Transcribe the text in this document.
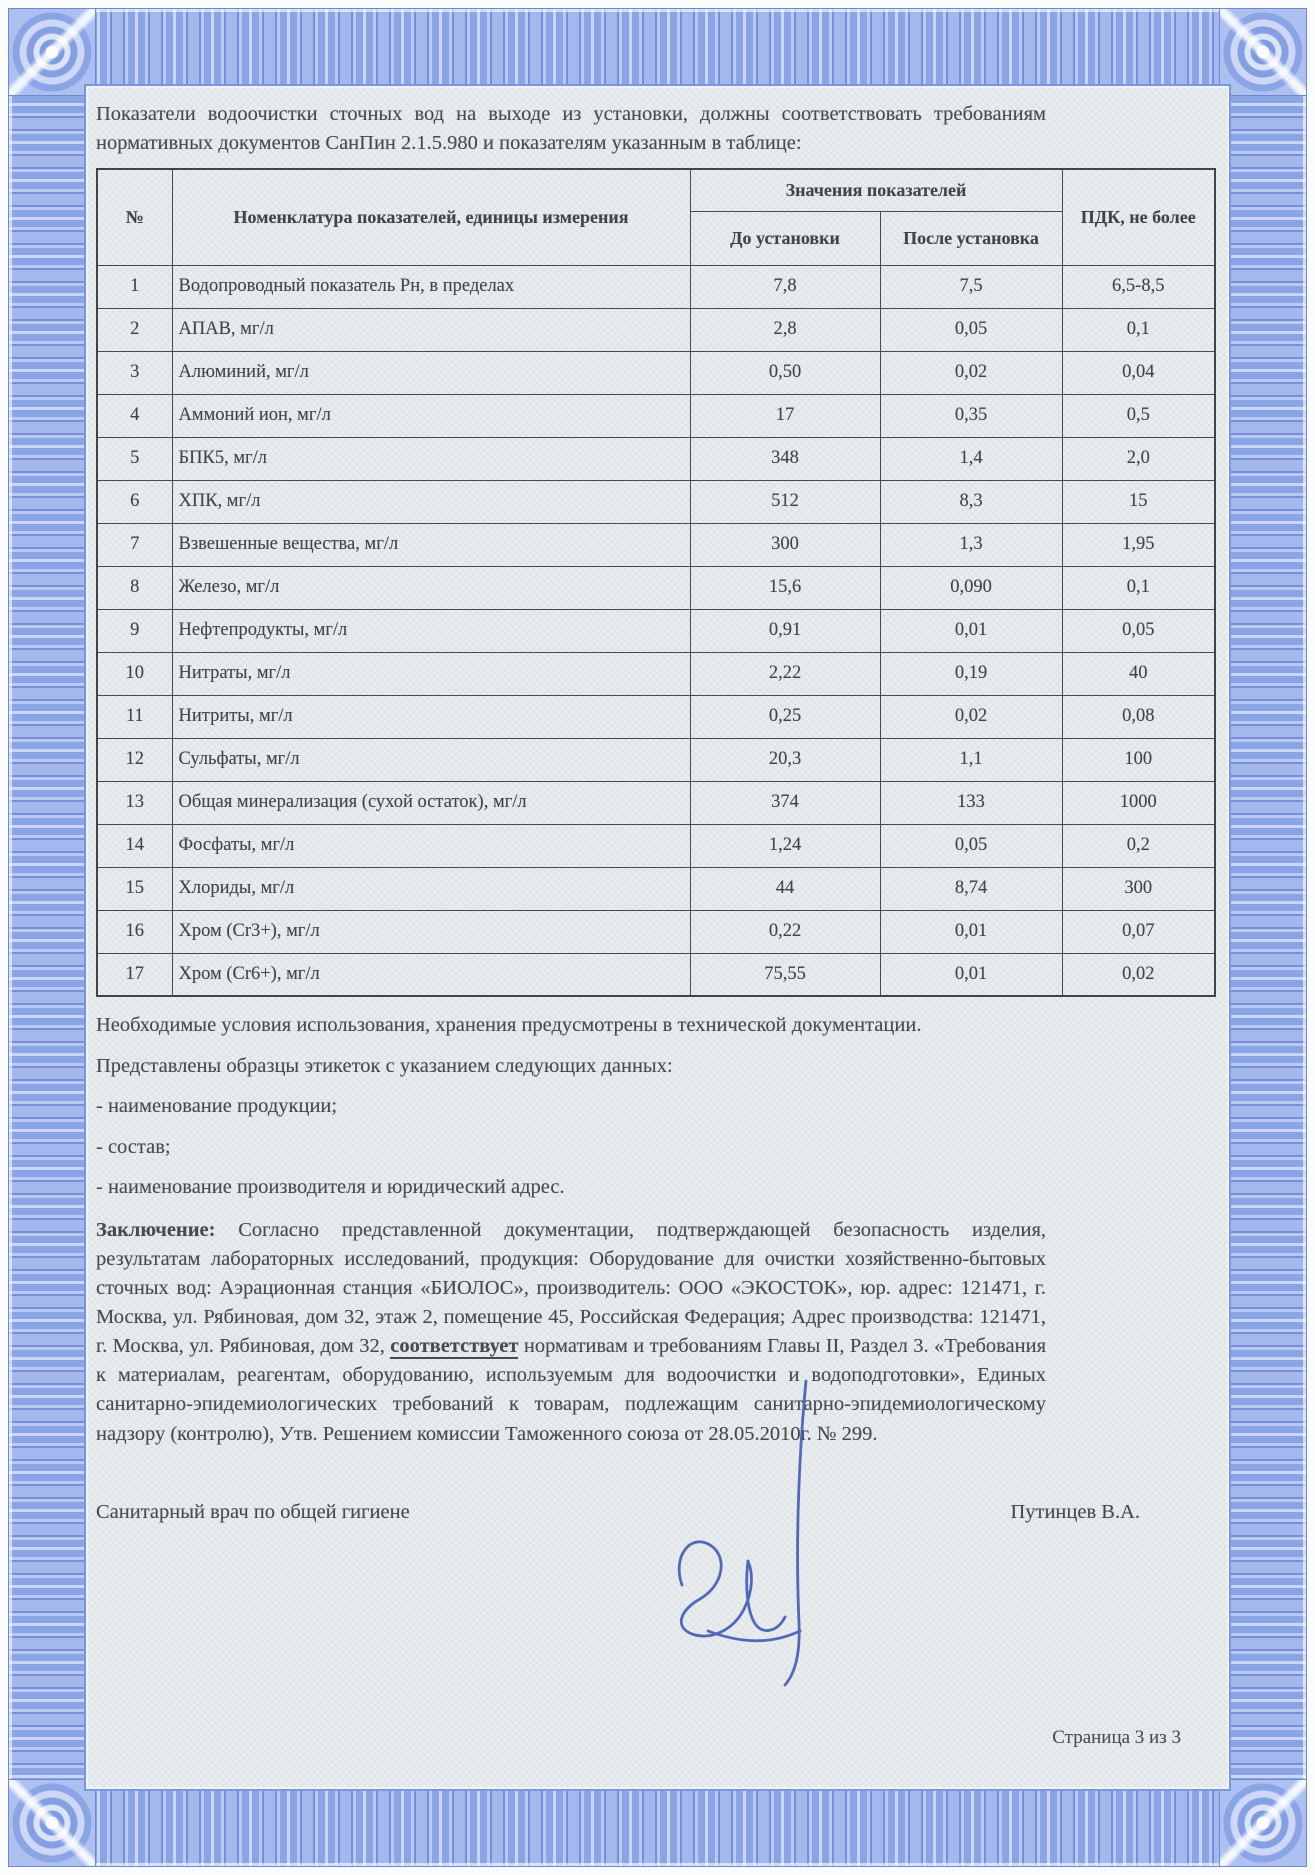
Показатели водоочистки сточных вод на выходе из установки, должны соответствовать требованиям нормативных документов СанПин 2.1.5.980 и показателям указанным в таблице:

№	Номенклатура показателей, единицы измерения	Значения показателей		ПДК, не более
		До установки	После установка	
1	Водопроводный показатель Рн, в пределах	7,8	7,5	6,5-8,5
2	АПАВ, мг/л	2,8	0,05	0,1
3	Алюминий, мг/л	0,50	0,02	0,04
4	Аммоний ион, мг/л	17	0,35	0,5
5	БПК5, мг/л	348	1,4	2,0
6	ХПК, мг/л	512	8,3	15
7	Взвешенные вещества, мг/л	300	1,3	1,95
8	Железо, мг/л	15,6	0,090	0,1
9	Нефтепродукты, мг/л	0,91	0,01	0,05
10	Нитраты, мг/л	2,22	0,19	40
11	Нитриты, мг/л	0,25	0,02	0,08
12	Сульфаты, мг/л	20,3	1,1	100
13	Общая минерализация (сухой остаток), мг/л	374	133	1000
14	Фосфаты, мг/л	1,24	0,05	0,2
15	Хлориды, мг/л	44	8,74	300
16	Хром (Cr3+), мг/л	0,22	0,01	0,07
17	Хром (Cr6+), мг/л	75,55	0,01	0,02

Необходимые условия использования, хранения предусмотрены в технической документации.

Представлены образцы этикеток с указанием следующих данных:

- наименование продукции;

- состав;

- наименование производителя и юридический адрес.

Заключение: Согласно представленной документации, подтверждающей безопасность изделия, результатам лабораторных исследований, продукция: Оборудование для очистки хозяйственно-бытовых сточных вод: Аэрационная станция «БИОЛОС», производитель: ООО «ЭКОСТОК», юр. адрес: 121471, г. Москва, ул. Рябиновая, дом 32, этаж 2, помещение 45, Российская Федерация; Адрес производства: 121471, г. Москва, ул. Рябиновая, дом 32, соответствует нормативам и требованиям Главы II, Раздел 3. «Требования к материалам, реагентам, оборудованию, используемым для водоочистки и водоподготовки», Единых санитарно-эпидемиологических требований к товарам, подлежащим санитарно-эпидемиологическому надзору (контролю), Утв. Решением комиссии Таможенного союза от 28.05.2010г. № 299.

Санитарный врач по общей гигиене	Путинцев В.А.
Страница 3 из 3
